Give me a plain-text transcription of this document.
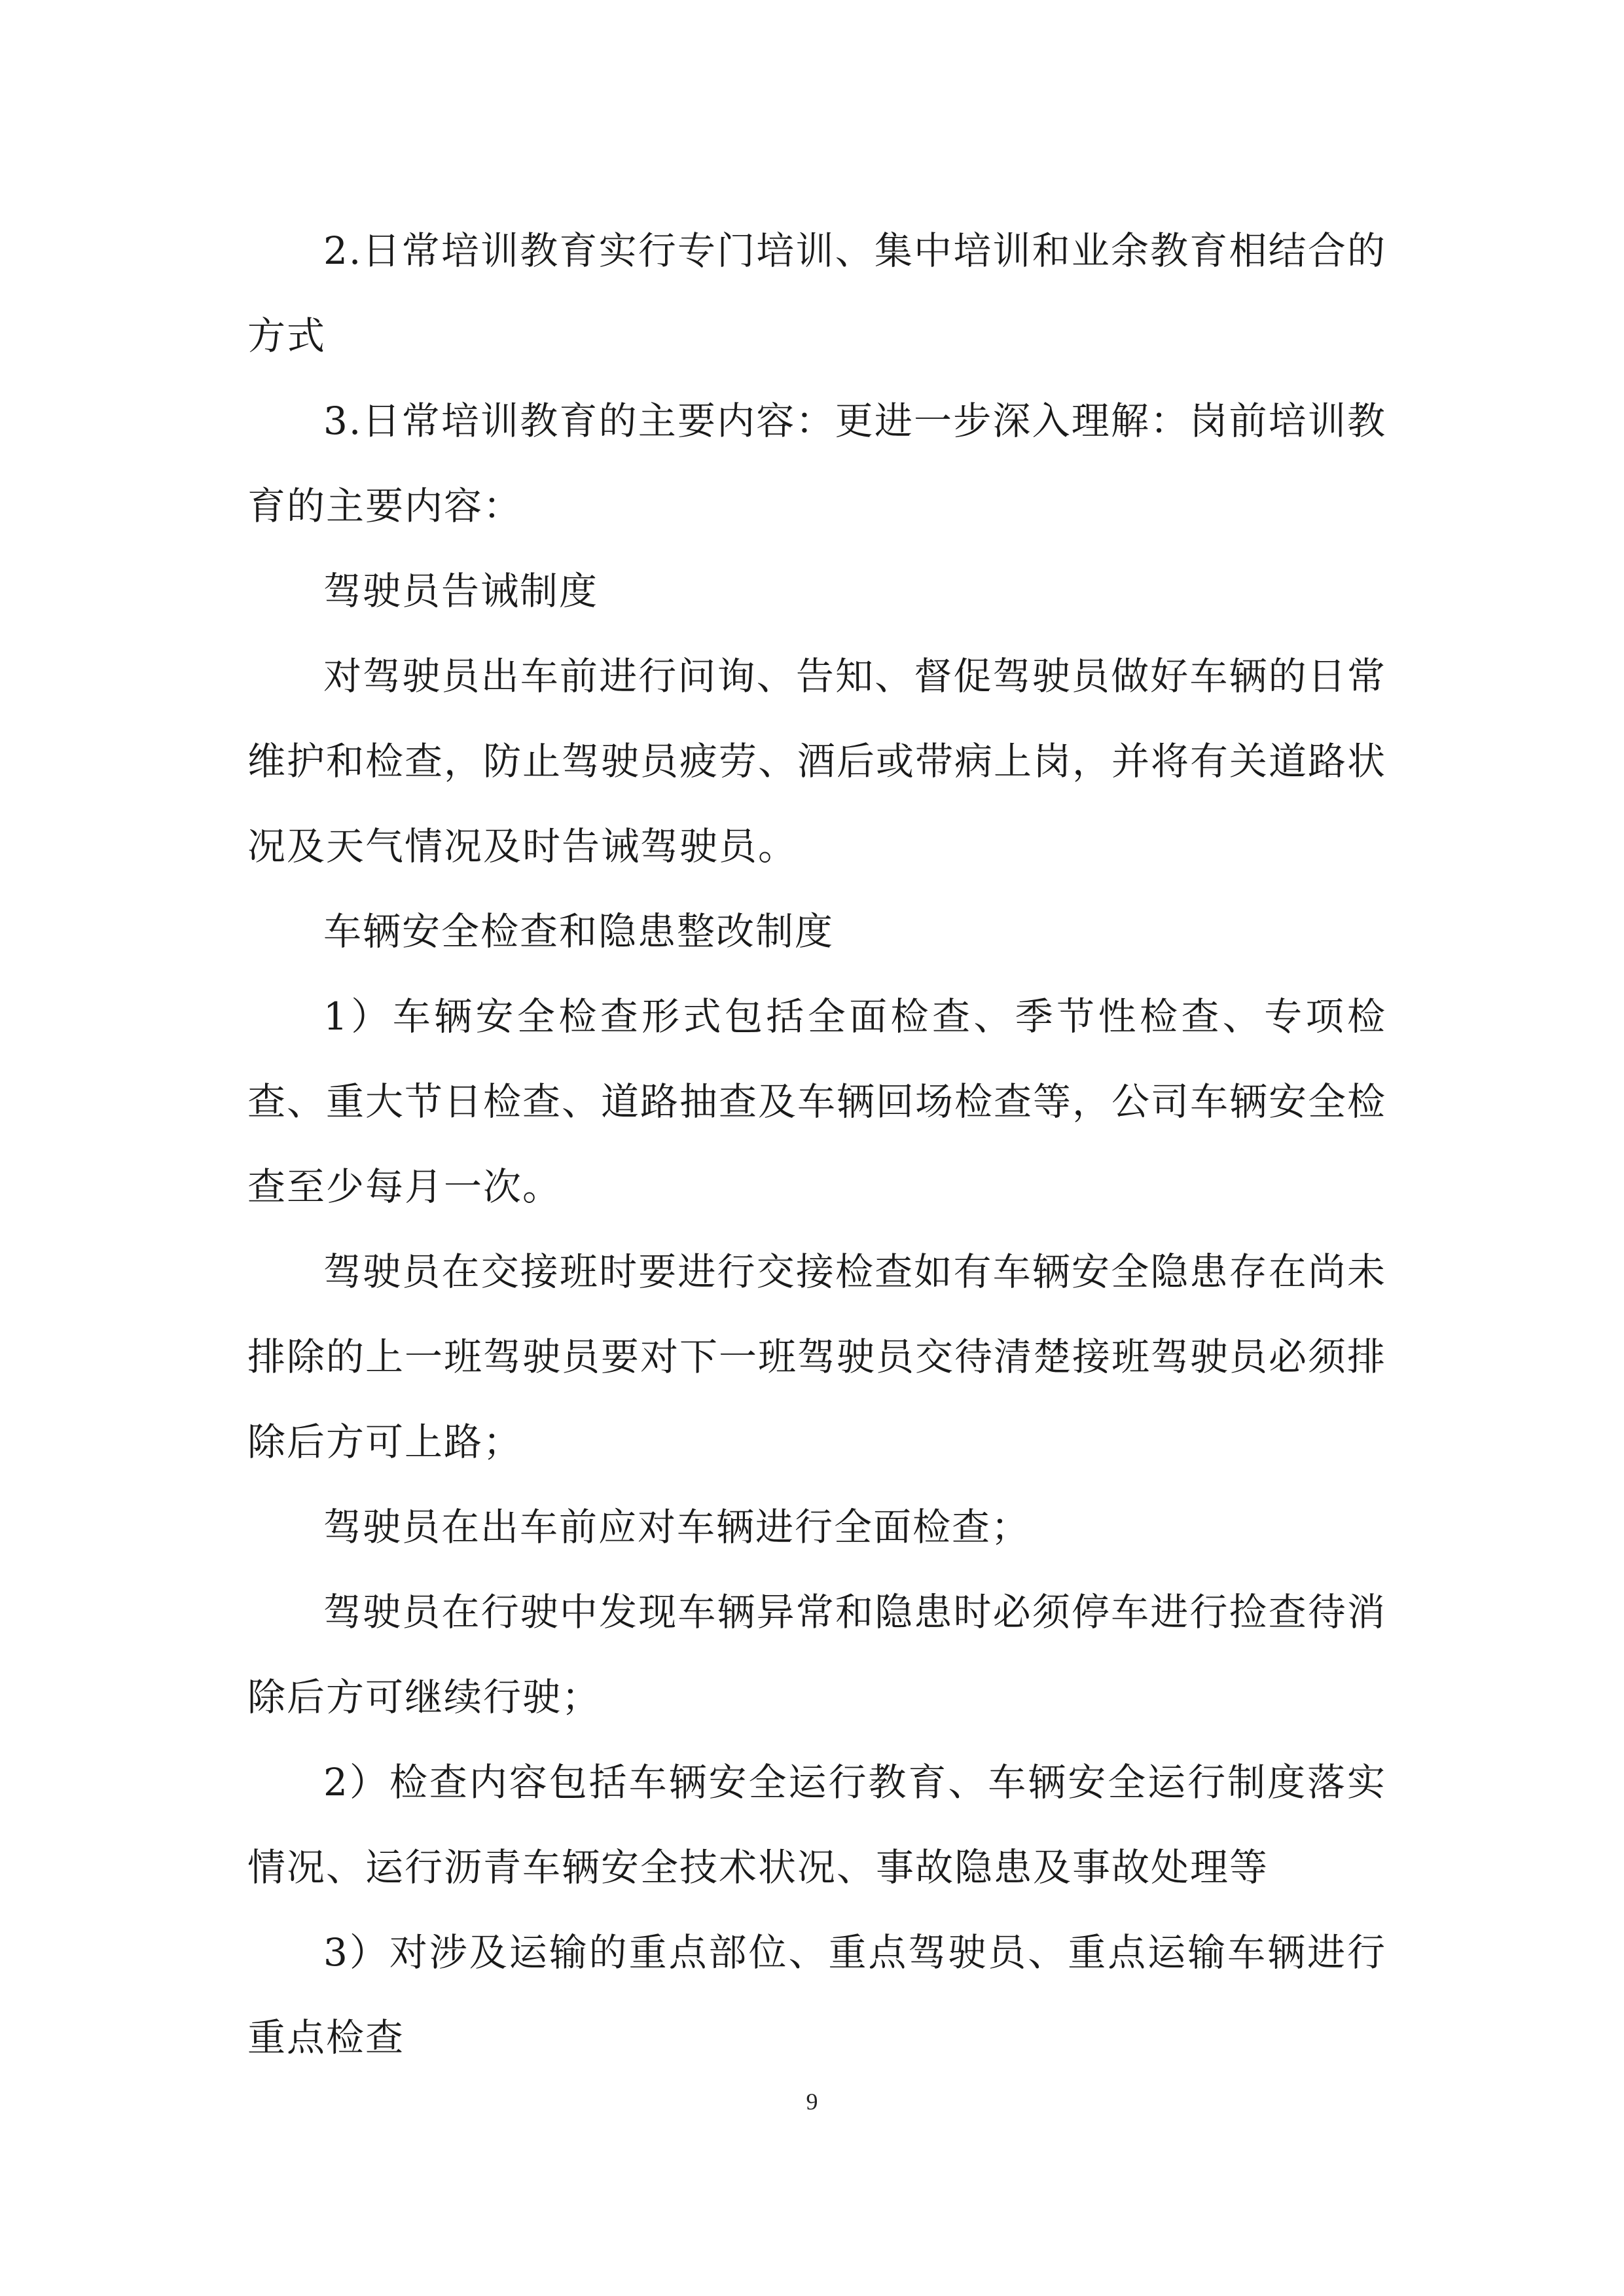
2.日常培训教育实行专门培训、集中培训和业余教育相结合的方式

3.日常培训教育的主要内容：更进一步深入理解：岗前培训教育的主要内容：

驾驶员告诫制度

对驾驶员出车前进行问询、告知、督促驾驶员做好车辆的日常维护和检查，防止驾驶员疲劳、酒后或带病上岗，并将有关道路状况及天气情况及时告诫驾驶员。

车辆安全检查和隐患整改制度

1）车辆安全检查形式包括全面检查、季节性检查、专项检查、重大节日检查、道路抽查及车辆回场检查等，公司车辆安全检查至少每月一次。

驾驶员在交接班时要进行交接检查如有车辆安全隐患存在尚未排除的上一班驾驶员要对下一班驾驶员交待清楚接班驾驶员必须排除后方可上路；

驾驶员在出车前应对车辆进行全面检查；

驾驶员在行驶中发现车辆异常和隐患时必须停车进行捡查待消除后方可继续行驶；

2）检查内容包括车辆安全运行教育、车辆安全运行制度落实情况、运行沥青车辆安全技术状况、事故隐患及事故处理等

3）对涉及运输的重点部位、重点驾驶员、重点运输车辆进行重点检查

9
